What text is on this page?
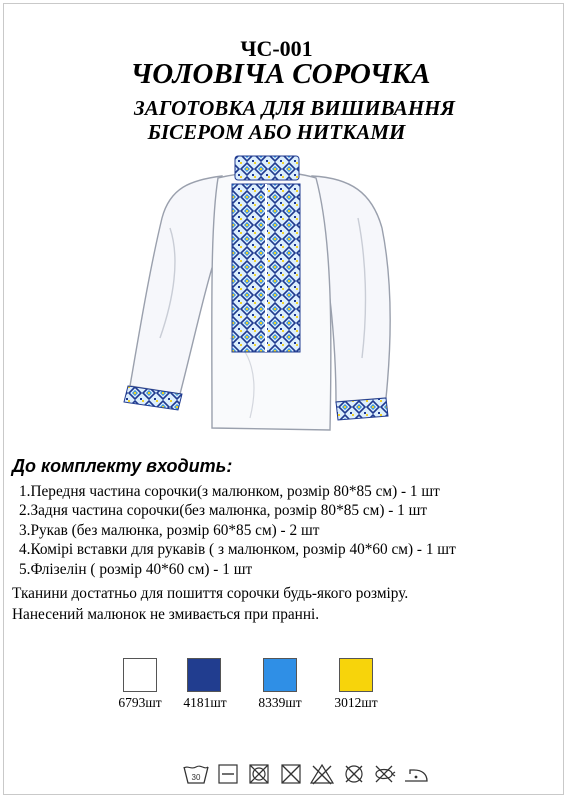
ЧС-001
ЧОЛОВІЧА СОРОЧКА
ЗАГОТОВКА ДЛЯ ВИШИВАННЯ
БІСЕРОМ АБО НИТКАМИ
До комплекту входить:
1.Передня частина сорочки(з малюнком, розмір 80*85 см) - 1 шт
2.Задня частина сорочки(без малюнка, розмір 80*85 см) - 1 шт
3.Рукав (без малюнка, розмір 60*85 см) - 2 шт
4.Комірі вставки для рукавів ( з малюнком, розмір 40*60 см) - 1 шт
5.Флізелін ( розмір 40*60 см) - 1 шт
Тканини достатньо для пошиття сорочки будь-якого розміру.
Нанесений малюнок не змивається при пранні.
6793шт	4181шт	8339шт	3012шт
30
